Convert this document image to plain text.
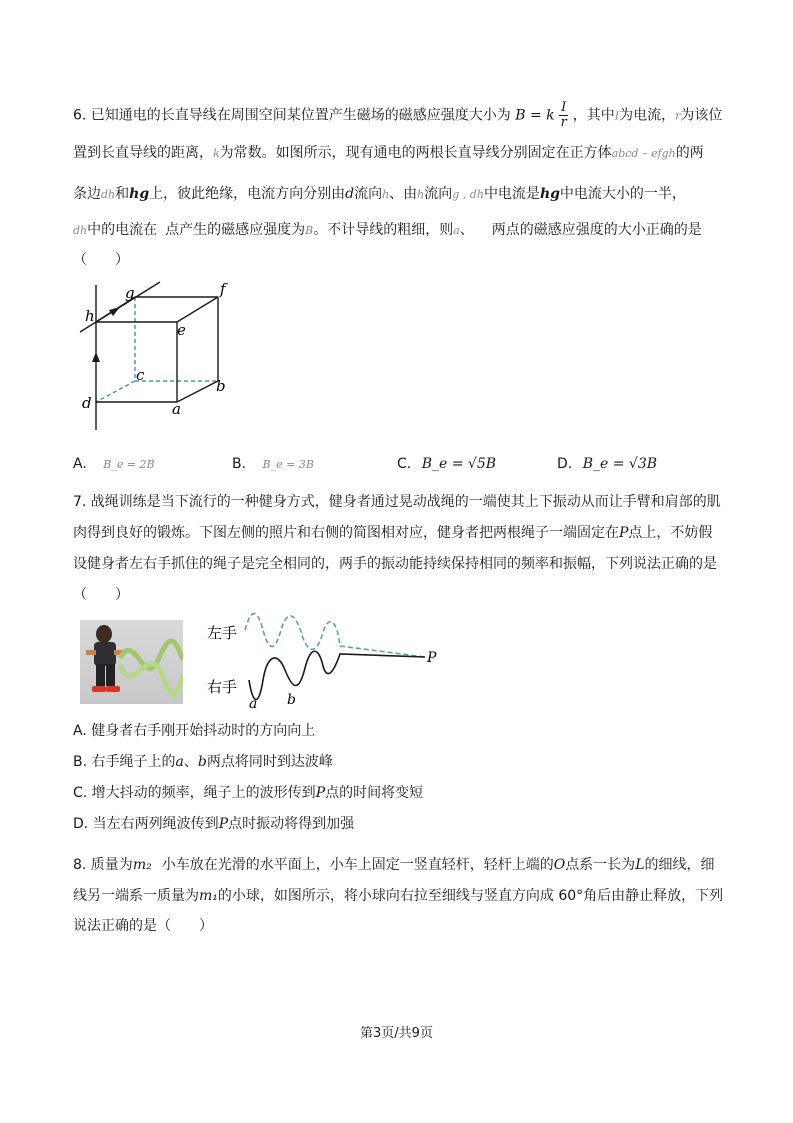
6. 已知通电的长直导线在周围空间某位置产生磁场的磁感应强度大小为 B = k $\frac{I}{r}$ ，其中I为电流，r为该位
置到长直导线的距离，k为常数。如图所示，现有通电的两根长直导线分别固定在正方体abcd – efgh的两
条边dh和hg上，彼此绝缘，电流方向分别由d流向h、由h流向g , dh中电流是hg中电流大小的一半，
dh中的电流在 点产生的磁感应强度为B。不计导线的粗细，则a、 两点的磁感应强度的大小正确的是
（　　）
h
g	f
e
c
b
d	a
A. B_e = 2B	B. B_e = 3B	C. B_e = √5B	D. B_e = √3B
7. 战绳训练是当下流行的一种健身方式，健身者通过晃动战绳的一端使其上下振动从而让手臂和肩部的肌
肉得到良好的锻炼。下图左侧的照片和右侧的简图相对应，健身者把两根绳子一端固定在P点上，不妨假
设健身者左右手抓住的绳子是完全相同的，两手的振动能持续保持相同的频率和振幅，下列说法正确的是
（　　）
左手
右手
a b
P
A. 健身者右手刚开始抖动时的方向向上
B. 右手绳子上的a、b两点将同时到达波峰
C. 增大抖动的频率，绳子上的波形传到P点的时间将变短
D. 当左右两列绳波传到P点时振动将得到加强
8. 质量为m₂ 小车放在光滑的水平面上，小车上固定一竖直轻杆，轻杆上端的O点系一长为L的细线，细
线另一端系一质量为m₁的小球，如图所示，将小球向右拉至细线与竖直方向成 60°角后由静止释放，下列
说法正确的是（　　）
第3页/共9页
